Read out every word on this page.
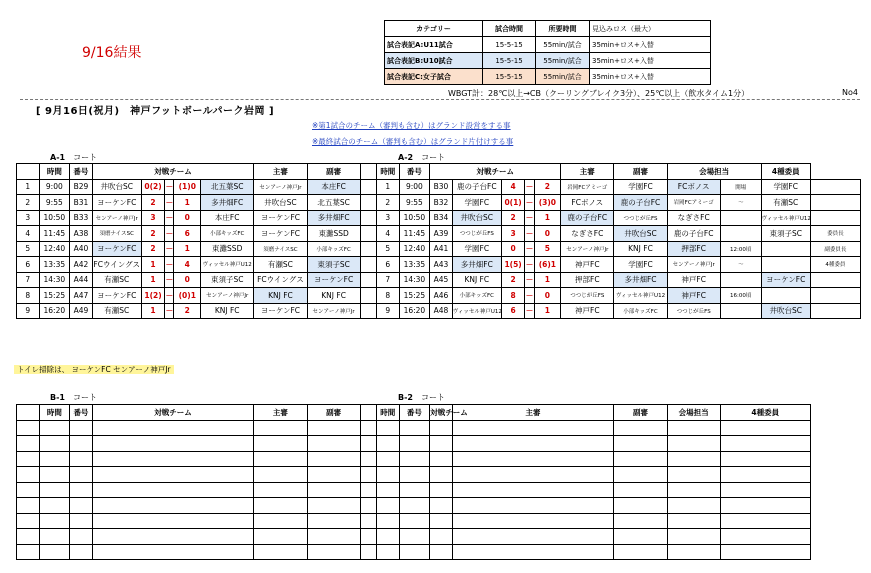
9/16結果
カテゴリー	試合時間	所要時間	見込みロス（最大）
試合表記A:U11試合	15-5-15	55min/試合	35min+ロス+入替
試合表記B:U10試合	15-5-15	55min/試合	35min+ロス+入替
試合表記C:女子試合	15-5-15	55min/試合	35min+ロス+入替
WBGT計：28℃以上→CB（クーリングブレイク3分）、25℃以上（飲水タイム1分）	No4
[ 9月16日(祝月)　神戸フットボールパーク岩岡 ]
※第1試合のチーム（審判も含む）はグランド設営をする事
※最終試合のチーム（審判も含む）はグランド片付けする事
A-1 コート	A-2 コート
	時間	番号	対戦チーム					主審	副審		時間	番号	対戦チーム					主審	副審	会場担当		4種委員	
1	9:00	B29	井吹台SC	0(2)	－	(1)0	北五葉SC	センアーノ神戸Jr	本庄FC		1	9:00	B30	鹿の子台FC	4	－	2	岩岡FCアミーゴ	学園FC	FCボノス	開場	学園FC	
2	9:55	B31	ヨーケンFC	2	－	1	多井畑FC	井吹台SC	北五葉SC		2	9:55	B32	学園FC	0(1)	－	(3)0	FCボノス	鹿の子台FC	岩岡FCアミーゴ	～	有瀬SC	
3	10:50	B33	センアーノ神戸Jr	3	－	0	本庄FC	ヨーケンFC	多井畑FC		3	10:50	B34	井吹台SC	2	－	1	鹿の子台FC	つつじが丘FS	なぎさFC		ヴィッセル神戸U12	
4	11:45	A38	須磨ナイスSC	2	－	6	小部キッズFC	ヨーケンFC	東灘SSD		4	11:45	A39	つつじが丘FS	3	－	0	なぎさFC	井吹台SC	鹿の子台FC		東須子SC	委員長
5	12:40	A40	ヨーケンFC	2	－	1	東灘SSD	須磨ナイスSC	小部キッズFC		5	12:40	A41	学園FC	0	－	5	センアーノ神戸Jr	KNJ FC	押部FC	12:00頃		副委員長
6	13:35	A42	FCウイングス	1	－	4	ヴィッセル神戸U12	有瀬SC	東須子SC		6	13:35	A43	多井畑FC	1(5)	－	(6)1	神戸FC	学園FC	センアーノ神戸Jr	～		4種委員
7	14:30	A44	有瀬SC	1	－	0	東須子SC	FCウイングス	ヨーケンFC		7	14:30	A45	KNJ FC	2	－	1	押部FC	多井畑FC	神戸FC		ヨーケンFC	
8	15:25	A47	ヨーケンFC	1(2)	－	(0)1	センアーノ神戸Jr	KNJ FC	KNJ FC		8	15:25	A46	小部キッズFC	8	－	0	つつじが丘FS	ヴィッセル神戸U12	神戸FC	16:00頃		
9	16:20	A49	有瀬SC	1	－	2	KNJ FC	ヨーケンFC	センアーノ神戸Jr		9	16:20	A48	ヴィッセル神戸U12	6	－	1	神戸FC	小部キッズFC	つつじが丘FS		井吹台SC	
トイレ掃除は、 ヨーケンFC センアーノ神戸Jr
B-1 コート	B-2 コート
	時間	番号	対戦チーム	主審	副審		時間	番号	対戦チーム	主審	副審	会場担当	4種委員
